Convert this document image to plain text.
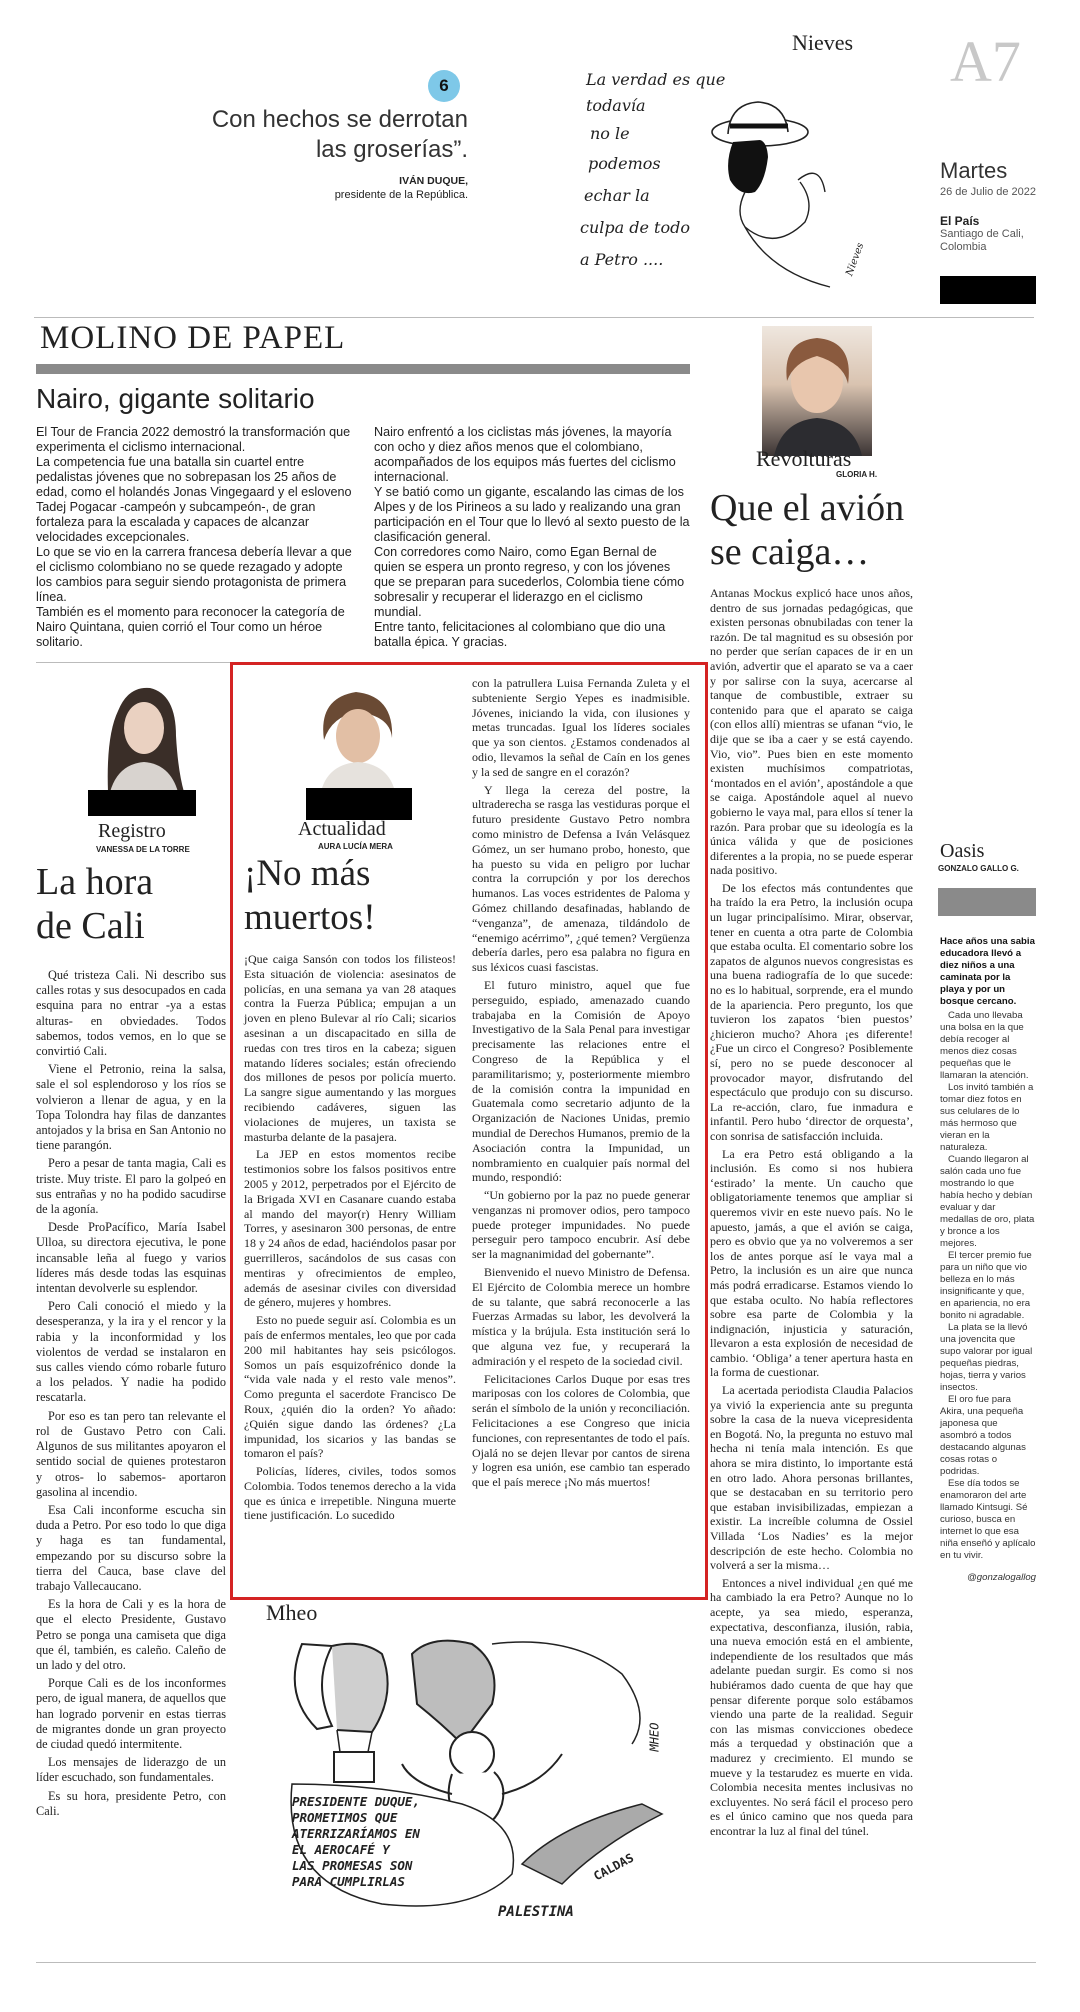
6
Con hechos se derrotan
las groserías”.
IVÁN DUQUE,
presidente de la República.
Nieves
La verdad es que
todavía
no le
podemos
echar la
culpa de todo
a Petro ....	Nieves
A7
Martes
26 de Julio de 2022
El País
Santiago de Cali, Colombia
MOLINO DE PAPEL
Nairo, gigante solitario

El Tour de Francia 2022 demostró la transformación que experimenta el ciclismo internacional.

La competencia fue una batalla sin cuartel entre pedalistas jóvenes que no sobrepasan los 25 años de edad, como el holandés Jonas Vingegaard y el esloveno Tadej Pogacar -campeón y subcampeón-, de gran fortaleza para la escalada y capaces de alcanzar velocidades excepcionales.

Lo que se vio en la carrera francesa debería llevar a que el ciclismo colombiano no se quede rezagado y adopte los cambios para seguir siendo protagonista de primera línea.

También es el momento para reconocer la categoría de Nairo Quintana, quien corrió el Tour como un héroe solitario.

Nairo enfrentó a los ciclistas más jóvenes, la mayoría con ocho y diez años menos que el colombiano, acompañados de los equipos más fuertes del ciclismo internacional.

Y se batió como un gigante, escalando las cimas de los Alpes y de los Pirineos a su lado y realizando una gran participación en el Tour que lo llevó al sexto puesto de la clasificación general.

Con corredores como Nairo, como Egan Bernal de quien se espera un pronto regreso, y con los jóvenes que se preparan para sucederlos, Colombia tiene cómo sobresalir y recuperar el liderazgo en el ciclismo mundial.

Entre tanto, felicitaciones al colombiano que dio una batalla épica. Y gracias.

Revolturas
GLORIA H.
Que el avión
se caiga…

Antanas Mockus explicó hace unos años, dentro de sus jornadas pedagógicas, que existen personas obnubiladas con tener la razón. De tal magnitud es su obsesión por no perder que serían capaces de ir en un avión, advertir que el aparato se va a caer y por salirse con la suya, acercarse al tanque de combustible, extraer su contenido para que el aparato se caiga (con ellos allí) mientras se ufanan “vio, le dije que se iba a caer y se está cayendo. Vio, vio”. Pues bien en este momento existen muchísimos compatriotas, ‘montados en el avión’, apostándole a que se caiga. Apostándole aquel al nuevo gobierno le vaya mal, para ellos sí tener la razón. Para probar que su ideología es la única válida y que de posiciones diferentes a la propia, no se puede esperar nada positivo.

De los efectos más contundentes que ha traído la era Petro, la inclusión ocupa un lugar principalísimo. Mirar, observar, tener en cuenta a otra parte de Colombia que estaba oculta. El comentario sobre los zapatos de algunos nuevos congresistas es una buena radiografía de lo que sucede: no es lo habitual, sorprende, era el mundo de la apariencia. Pero pregunto, los que tuvieron los zapatos ‘bien puestos’ ¿hicieron mucho? Ahora ¡es diferente! ¿Fue un circo el Congreso? Posiblemente sí, pero no se puede desconocer al provocador mayor, disfrutando del espectáculo que produjo con su discurso. La re-acción, claro, fue inmadura e infantil. Pero hubo ‘director de orquesta’, con sonrisa de satisfacción incluida.

La era Petro está obligando a la inclusión. Es como si nos hubiera ‘estirado’ la mente. Un caucho que obligatoriamente tenemos que ampliar si queremos vivir en este nuevo país. No le apuesto, jamás, a que el avión se caiga, pero es obvio que ya no volveremos a ser los de antes porque así le vaya mal a Petro, la inclusión es un aire que nunca más podrá erradicarse. Estamos viendo lo que estaba oculto. No había reflectores sobre esa parte de Colombia y la indignación, injusticia y saturación, llevaron a esta explosión de necesidad de cambio. ‘Obliga’ a tener apertura hasta en la forma de cuestionar.

La acertada periodista Claudia Palacios ya vivió la experiencia ante su pregunta sobre la casa de la nueva vicepresidenta en Bogotá. No, la pregunta no estuvo mal hecha ni tenía mala intención. Es que ahora se mira distinto, lo importante está en otro lado. Ahora personas brillantes, que se destacaban en su territorio pero que estaban invisibilizadas, empiezan a existir. La increíble columna de Ossiel Villada ‘Los Nadies’ es la mejor descripción de este hecho. Colombia no volverá a ser la misma…

Entonces a nivel individual ¿en qué me ha cambiado la era Petro? Aunque no lo acepte, ya sea miedo, esperanza, expectativa, desconfianza, ilusión, rabia, una nueva emoción está en el ambiente, independiente de los resultados que más adelante puedan surgir. Es como si nos hubiéramos dado cuenta de que hay que pensar diferente porque solo estábamos viendo una parte de la realidad. Seguir con las mismas convicciones obedece más a terquedad y obstinación que a madurez y crecimiento. El mundo se mueve y la testarudez es muerte en vida. Colombia necesita mentes inclusivas no excluyentes. No será fácil el proceso pero es el único camino que nos queda para encontrar la luz al final del túnel.

Registro
VANESSA DE LA TORRE
La hora
de Cali

Qué tristeza Cali. Ni describo sus calles rotas y sus desocupados en cada esquina para no entrar -ya a estas alturas- en obviedades. Todos sabemos, todos vemos, en lo que se convirtió Cali.

Viene el Petronio, reina la salsa, sale el sol esplendoroso y los ríos se volvieron a llenar de agua, y en la Topa Tolondra hay filas de danzantes antojados y la brisa en San Antonio no tiene parangón.

Pero a pesar de tanta magia, Cali es triste. Muy triste. El paro la golpeó en sus entrañas y no ha podido sacudirse de la agonía.

Desde ProPacífico, María Isabel Ulloa, su directora ejecutiva, le pone incansable leña al fuego y varios líderes más desde todas las esquinas intentan devolverle su esplendor.

Pero Cali conoció el miedo y la desesperanza, y la ira y el rencor y la rabia y la inconformidad y los violentos de verdad se instalaron en sus calles viendo cómo robarle futuro a los pelados. Y nadie ha podido rescatarla.

Por eso es tan pero tan relevante el rol de Gustavo Petro con Cali. Algunos de sus militantes apoyaron el sentido social de quienes protestaron y otros- lo sabemos- aportaron gasolina al incendio.

Esa Cali inconforme escucha sin duda a Petro. Por eso todo lo que diga y haga es tan fundamental, empezando por su discurso sobre la tierra del Cauca, base clave del trabajo Vallecaucano.

Es la hora de Cali y es la hora de que el electo Presidente, Gustavo Petro se ponga una camiseta que diga que él, también, es caleño. Caleño de un lado y del otro.

Porque Cali es de los inconformes pero, de igual manera, de aquellos que han logrado porvenir en estas tierras de migrantes donde un gran proyecto de ciudad quedó intermitente.

Los mensajes de liderazgo de un líder escuchado, son fundamentales.

Es su hora, presidente Petro, con Cali.

Actualidad
AURA LUCÍA MERA
¡No más
muertos!

¡Que caiga Sansón con todos los filisteos! Esta situación de violencia: asesinatos de policías, en una semana ya van 28 ataques contra la Fuerza Pública; empujan a un joven en pleno Bulevar al río Cali; sicarios asesinan a un discapacitado en silla de ruedas con tres tiros en la cabeza; siguen matando líderes sociales; están ofreciendo dos millones de pesos por policía muerto. La sangre sigue aumentando y las morgues recibiendo cadáveres, siguen las violaciones de mujeres, un taxista se masturba delante de la pasajera.

La JEP en estos momentos recibe testimonios sobre los falsos positivos entre 2005 y 2012, perpetrados por el Ejército de la Brigada XVI en Casanare cuando estaba al mando del mayor(r) Henry William Torres, y asesinaron 300 personas, de entre 18 y 24 años de edad, haciéndolos pasar por guerrilleros, sacándolos de sus casas con mentiras y ofrecimientos de empleo, además de asesinar civiles con diversidad de género, mujeres y hombres.

Esto no puede seguir así. Colombia es un país de enfermos mentales, leo que por cada 200 mil habitantes hay seis psicólogos. Somos un país esquizofrénico donde la “vida vale nada y el resto vale menos”. Como pregunta el sacerdote Francisco De Roux, ¿quién dio la orden? Yo añado: ¿Quién sigue dando las órdenes? ¿La impunidad, los sicarios y las bandas se tomaron el país?

Policías, líderes, civiles, todos somos Colombia. Todos tenemos derecho a la vida que es única e irrepetible. Ninguna muerte tiene justificación. Lo sucedido

con la patrullera Luisa Fernanda Zuleta y el subteniente Sergio Yepes es inadmisible. Jóvenes, iniciando la vida, con ilusiones y metas truncadas. Igual los líderes sociales que ya son cientos. ¿Estamos condenados al odio, llevamos la señal de Caín en los genes y la sed de sangre en el corazón?

Y llega la cereza del postre, la ultraderecha se rasga las vestiduras porque el futuro presidente Gustavo Petro nombra como ministro de Defensa a Iván Velásquez Gómez, un ser humano probo, honesto, que ha puesto su vida en peligro por luchar contra la corrupción y por los derechos humanos. Las voces estridentes de Paloma y Gómez chillando desafinadas, hablando de “venganza”, de amenaza, tildándolo de “enemigo acérrimo”, ¿qué temen? Vergüenza debería darles, pero esa palabra no figura en sus léxicos cuasi fascistas.

El futuro ministro, aquel que fue perseguido, espiado, amenazado cuando trabajaba en la Comisión de Apoyo Investigativo de la Sala Penal para investigar precisamente las relaciones entre el Congreso de la República y el paramilitarismo; y, posteriormente miembro de la comisión contra la impunidad en Guatemala como secretario adjunto de la Organización de Naciones Unidas, premio mundial de Derechos Humanos, premio de la Asociación contra la Impunidad, un nombramiento en cualquier país normal del mundo, respondió:

“Un gobierno por la paz no puede generar venganzas ni promover odios, pero tampoco puede proteger impunidades. No puede perseguir pero tampoco encubrir. Así debe ser la magnanimidad del gobernante”.

Bienvenido el nuevo Ministro de Defensa. El Ejército de Colombia merece un hombre de su talante, que sabrá reconocerle a las Fuerzas Armadas su labor, les devolverá la mística y la brújula. Esta institución será lo que alguna vez fue, y recuperará la admiración y el respeto de la sociedad civil.

Felicitaciones Carlos Duque por esas tres mariposas con los colores de Colombia, que serán el símbolo de la unión y reconciliación. Felicitaciones a ese Congreso que inicia funciones, con representantes de todo el país. Ojalá no se dejen llevar por cantos de sirena y logren esa unión, ese cambio tan esperado que el país merece ¡No más muertos!

Mheo
PRESIDENTE DUQUE,
PROMETIMOS QUE
ATERRIZARÍAMOS EN
EL AEROCAFÉ Y
LAS PROMESAS SON
PARA CUMPLIRLAS
PALESTINA
CALDAS
MHEO
Oasis
GONZALO GALLO G.

Hace años una sabia educadora llevó a diez niños a una caminata por la playa y por un bosque cercano.

Cada uno llevaba una bolsa en la que debía recoger al menos diez cosas pequeñas que le llamaran la atención.

Los invitó también a tomar diez fotos en sus celulares de lo más hermoso que vieran en la naturaleza.

Cuando llegaron al salón cada uno fue mostrando lo que había hecho y debían evaluar y dar medallas de oro, plata y bronce a los mejores.

El tercer premio fue para un niño que vio belleza en lo más insignificante y que, en apariencia, no era bonito ni agradable.

La plata se la llevó una jovencita que supo valorar por igual pequeñas piedras, hojas, tierra y varios insectos.

El oro fue para Akira, una pequeña japonesa que asombró a todos destacando algunas cosas rotas o podridas.

Ese día todos se enamoraron del arte llamado Kintsugi. Sé curioso, busca en internet lo que esa niña enseñó y aplícalo en tu vivir.

@gonzalogallog
